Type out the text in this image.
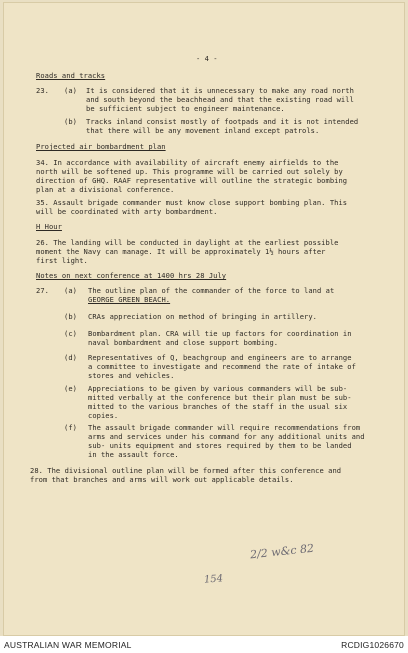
- 4 -
Roads and tracks
23. (a) It is considered that it is unnecessary to make any road north
and south beyond the beachhead and that the existing road will
be sufficient subject to engineer maintenance.
(b) Tracks inland consist mostly of footpads and it is not intended
that there will be any movement inland except patrols.
Projected air bombardment plan
34. In accordance with availability of aircraft enemy airfields to the
north will be softened up. This programme will be carried out solely by
direction of GHQ. RAAF representative will outline the strategic bombing
plan at a divisional conference.
35. Assault brigade commander must know close support bombing plan. This
will be coordinated with arty bombardment.
H Hour
26. The landing will be conducted in daylight at the earliest possible
moment the Navy can manage. It will be approximately 1½ hours after
first light.
Notes on next conference at 1400 hrs 28 July
27. (a) The outline plan of the commander of the force to land at
GEORGE GREEN BEACH.
(b) CRAs appreciation on method of bringing in artillery.
(c) Bombardment plan. CRA will tie up factors for coordination in
naval bombardment and close support bombing.
(d) Representatives of Q, beachgroup and engineers are to arrange
a committee to investigate and recommend the rate of intake of
stores and vehicles.
(e) Appreciations to be given by various commanders will be sub-
mitted verbally at the conference but their plan must be sub-
mitted to the various branches of the staff in the usual six
copies.
(f) The assault brigade commander will require recommendations from
arms and services under his command for any additional units and
sub- units equipment and stores required by them to be landed
in the assault force.
28. The divisional outline plan will be formed after this conference and
from that branches and arms will work out applicable details.
2/2 w&c 82
154
AUSTRALIAN WAR MEMORIAL	RCDIG1026670
